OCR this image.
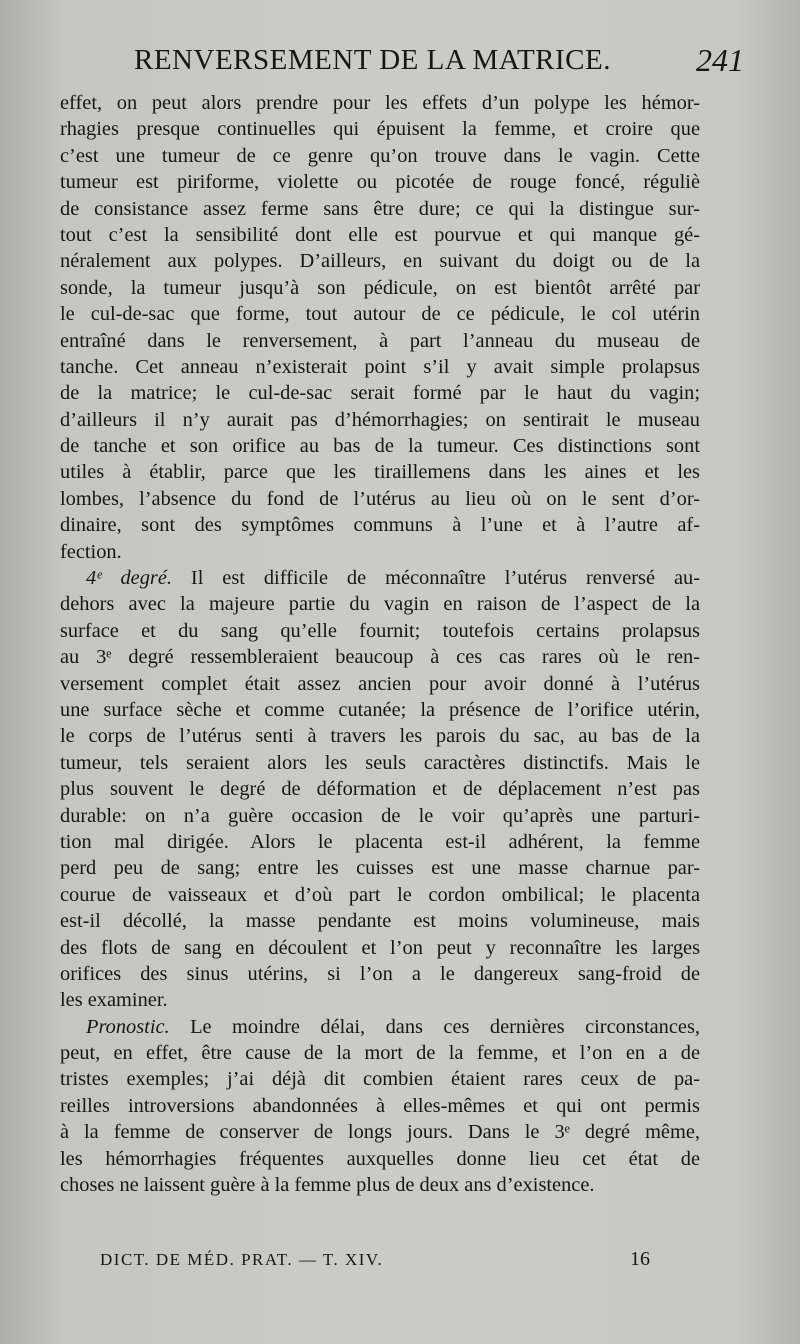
RENVERSEMENT DE LA MATRICE.	241
effet, on peut alors prendre pour les effets d’un polype les hémor-
rhagies presque continuelles qui épuisent la femme, et croire que
c’est une tumeur de ce genre qu’on trouve dans le vagin. Cette
tumeur est piriforme, violette ou picotée de rouge foncé, réguliè
de consistance assez ferme sans être dure; ce qui la distingue sur-
tout c’est la sensibilité dont elle est pourvue et qui manque gé-
néralement aux polypes. D’ailleurs, en suivant du doigt ou de la
sonde, la tumeur jusqu’à son pédicule, on est bientôt arrêté par
le cul-de-sac que forme, tout autour de ce pédicule, le col utérin
entraîné dans le renversement, à part l’anneau du museau de
tanche. Cet anneau n’existerait point s’il y avait simple prolapsus
de la matrice; le cul-de-sac serait formé par le haut du vagin;
d’ailleurs il n’y aurait pas d’hémorrhagies; on sentirait le museau
de tanche et son orifice au bas de la tumeur. Ces distinctions sont
utiles à établir, parce que les tiraillemens dans les aines et les
lombes, l’absence du fond de l’utérus au lieu où on le sent d’or-
dinaire, sont des symptômes communs à l’une et à l’autre af-
fection.
4ᵉ degré. Il est difficile de méconnaître l’utérus renversé au-
dehors avec la majeure partie du vagin en raison de l’aspect de la
surface et du sang qu’elle fournit; toutefois certains prolapsus
au 3ᵉ degré ressembleraient beaucoup à ces cas rares où le ren-
versement complet était assez ancien pour avoir donné à l’utérus
une surface sèche et comme cutanée; la présence de l’orifice utérin,
le corps de l’utérus senti à travers les parois du sac, au bas de la
tumeur, tels seraient alors les seuls caractères distinctifs. Mais le
plus souvent le degré de déformation et de déplacement n’est pas
durable: on n’a guère occasion de le voir qu’après une parturi-
tion mal dirigée. Alors le placenta est-il adhérent, la femme
perd peu de sang; entre les cuisses est une masse charnue par-
courue de vaisseaux et d’où part le cordon ombilical; le placenta
est-il décollé, la masse pendante est moins volumineuse, mais
des flots de sang en découlent et l’on peut y reconnaître les larges
orifices des sinus utérins, si l’on a le dangereux sang-froid de
les examiner.
Pronostic. Le moindre délai, dans ces dernières circonstances,
peut, en effet, être cause de la mort de la femme, et l’on en a de
tristes exemples; j’ai déjà dit combien étaient rares ceux de pa-
reilles introversions abandonnées à elles-mêmes et qui ont permis
à la femme de conserver de longs jours. Dans le 3ᵉ degré même,
les hémorrhagies fréquentes auxquelles donne lieu cet état de
choses ne laissent guère à la femme plus de deux ans d’existence.
DICT. DE MÉD. PRAT. — T. XIV.	16
